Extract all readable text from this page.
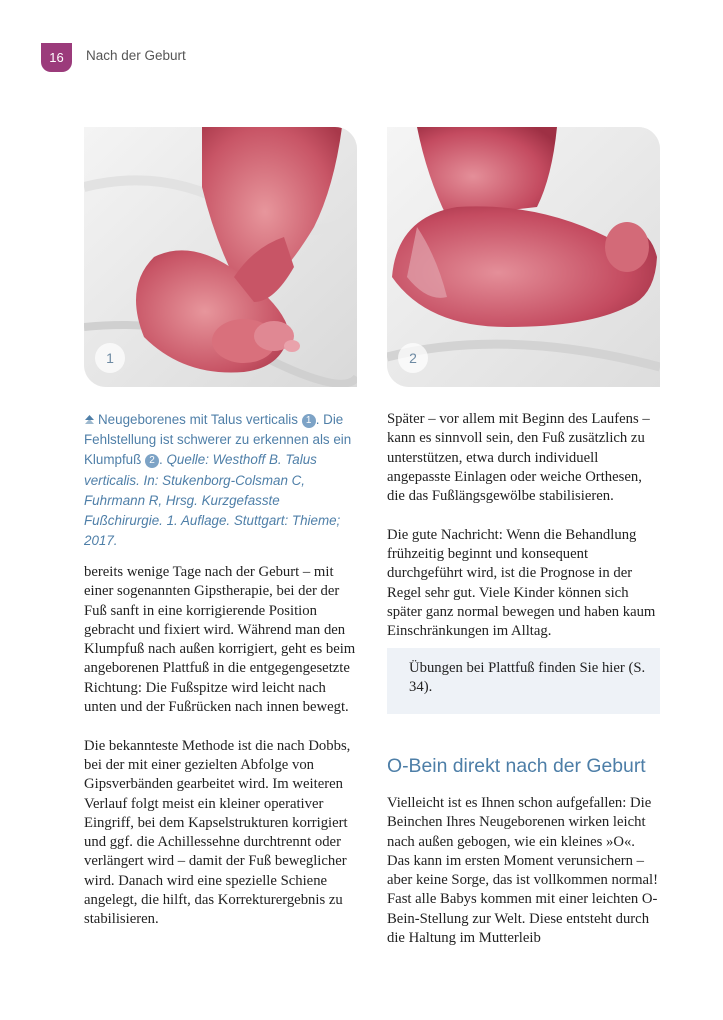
16	Nach der Geburt
1	2
Neugeborenes mit Talus verticalis 1 . Die Fehlstellung ist schwerer zu erkennen als ein Klumpfuß 2 . Quelle: Westhoff B. Talus verticalis. In: Stukenborg-Colsman C, Fuhrmann R, Hrsg. Kurzgefasste Fußchirurgie. 1. Auflage. Stuttgart: Thieme; 2017.

bereits wenige Tage nach der Geburt – mit einer sogenannten Gipstherapie, bei der der Fuß sanft in eine korrigierende Position gebracht und fixiert wird. Während man den Klumpfuß nach außen korrigiert, geht es beim angeborenen Plattfuß in die entgegengesetzte Richtung: Die Fußspitze wird leicht nach unten und der Fußrücken nach innen bewegt.

Die bekannteste Methode ist die nach Dobbs, bei der mit einer gezielten Abfolge von Gipsverbänden gearbeitet wird. Im weiteren Verlauf folgt meist ein kleiner operativer Eingriff, bei dem Kapselstrukturen korrigiert und ggf. die Achillessehne durchtrennt oder verlängert wird – damit der Fuß beweglicher wird. Danach wird eine spezielle Schiene angelegt, die hilft, das Korrekturergebnis zu stabilisieren.

Später – vor allem mit Beginn des Laufens – kann es sinnvoll sein, den Fuß zusätzlich zu unterstützen, etwa durch individuell angepasste Einlagen oder weiche Orthesen, die das Fußlängsgewölbe stabilisieren.

Die gute Nachricht: Wenn die Behandlung frühzeitig beginnt und konsequent durchgeführt wird, ist die Prognose in der Regel sehr gut. Viele Kinder können sich später ganz normal bewegen und haben kaum Einschränkungen im Alltag.

Übungen bei Plattfuß finden Sie hier (S. 34).
O-Bein direkt nach der Geburt

Vielleicht ist es Ihnen schon aufgefallen: Die Beinchen Ihres Neugeborenen wirken leicht nach außen gebogen, wie ein kleines »O«. Das kann im ersten Moment verunsichern – aber keine Sorge, das ist vollkommen normal! Fast alle Babys kommen mit einer leichten O-Bein-Stellung zur Welt. Diese entsteht durch die Haltung im Mutterleib
